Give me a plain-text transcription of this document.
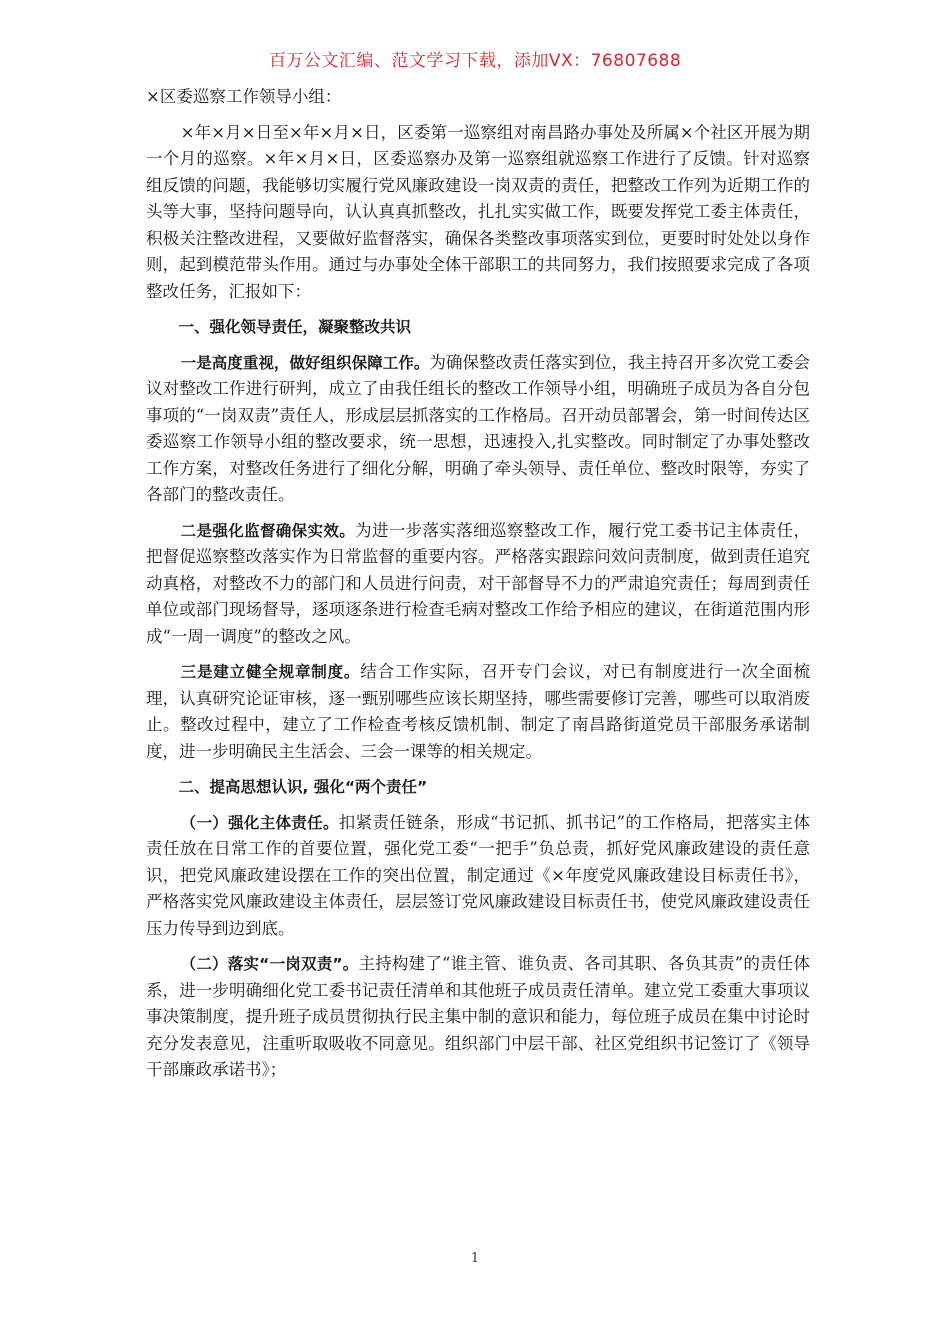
百万公文汇编、范文学习下载，添加VX：76807688

×区委巡察工作领导小组：

×年×月×日至×年×月×日，区委第一巡察组对南昌路办事处及所属×个社区开展为期一个月的巡察。×年×月×日，区委巡察办及第一巡察组就巡察工作进行了反馈。针对巡察组反馈的问题，我能够切实履行党风廉政建设一岗双责的责任，把整改工作列为近期工作的头等大事，坚持问题导向，认认真真抓整改，扎扎实实做工作，既要发挥党工委主体责任，积极关注整改进程，又要做好监督落实，确保各类整改事项落实到位，更要时时处处以身作则，起到模范带头作用。通过与办事处全体干部职工的共同努力，我们按照要求完成了各项整改任务，汇报如下：

一、强化领导责任，凝聚整改共识

一是高度重视，做好组织保障工作。为确保整改责任落实到位，我主持召开多次党工委会议对整改工作进行研判，成立了由我任组长的整改工作领导小组，明确班子成员为各自分包事项的“一岗双责”责任人，形成层层抓落实的工作格局。召开动员部署会，第一时间传达区委巡察工作领导小组的整改要求，统一思想，迅速投入,扎实整改。同时制定了办事处整改工作方案，对整改任务进行了细化分解，明确了牵头领导、责任单位、整改时限等，夯实了各部门的整改责任。

二是强化监督确保实效。为进一步落实落细巡察整改工作，履行党工委书记主体责任，把督促巡察整改落实作为日常监督的重要内容。严格落实跟踪问效问责制度，做到责任追究动真格，对整改不力的部门和人员进行问责，对干部督导不力的严肃追究责任；每周到责任单位或部门现场督导，逐项逐条进行检查毛病对整改工作给予相应的建议，在街道范围内形成“一周一调度”的整改之风。

三是建立健全规章制度。结合工作实际，召开专门会议，对已有制度进行一次全面梳理，认真研究论证审核，逐一甄别哪些应该长期坚持，哪些需要修订完善，哪些可以取消废止。整改过程中，建立了工作检查考核反馈机制、制定了南昌路街道党员干部服务承诺制度，进一步明确民主生活会、三会一课等的相关规定。

二、提高思想认识, 强化“两个责任”

（一）强化主体责任。扣紧责任链条，形成“书记抓、抓书记”的工作格局，把落实主体责任放在日常工作的首要位置，强化党工委“一把手”负总责，抓好党风廉政建设的责任意识，把党风廉政建设摆在工作的突出位置，制定通过《×年度党风廉政建设目标责任书》，严格落实党风廉政建设主体责任，层层签订党风廉政建设目标责任书，使党风廉政建设责任压力传导到边到底。

（二）落实“一岗双责”。主持构建了“谁主管、谁负责、各司其职、各负其责”的责任体系，进一步明确细化党工委书记责任清单和其他班子成员责任清单。建立党工委重大事项议事决策制度，提升班子成员贯彻执行民主集中制的意识和能力，每位班子成员在集中讨论时充分发表意见，注重听取吸收不同意见。组织部门中层干部、社区党组织书记签订了《领导干部廉政承诺书》；

1
